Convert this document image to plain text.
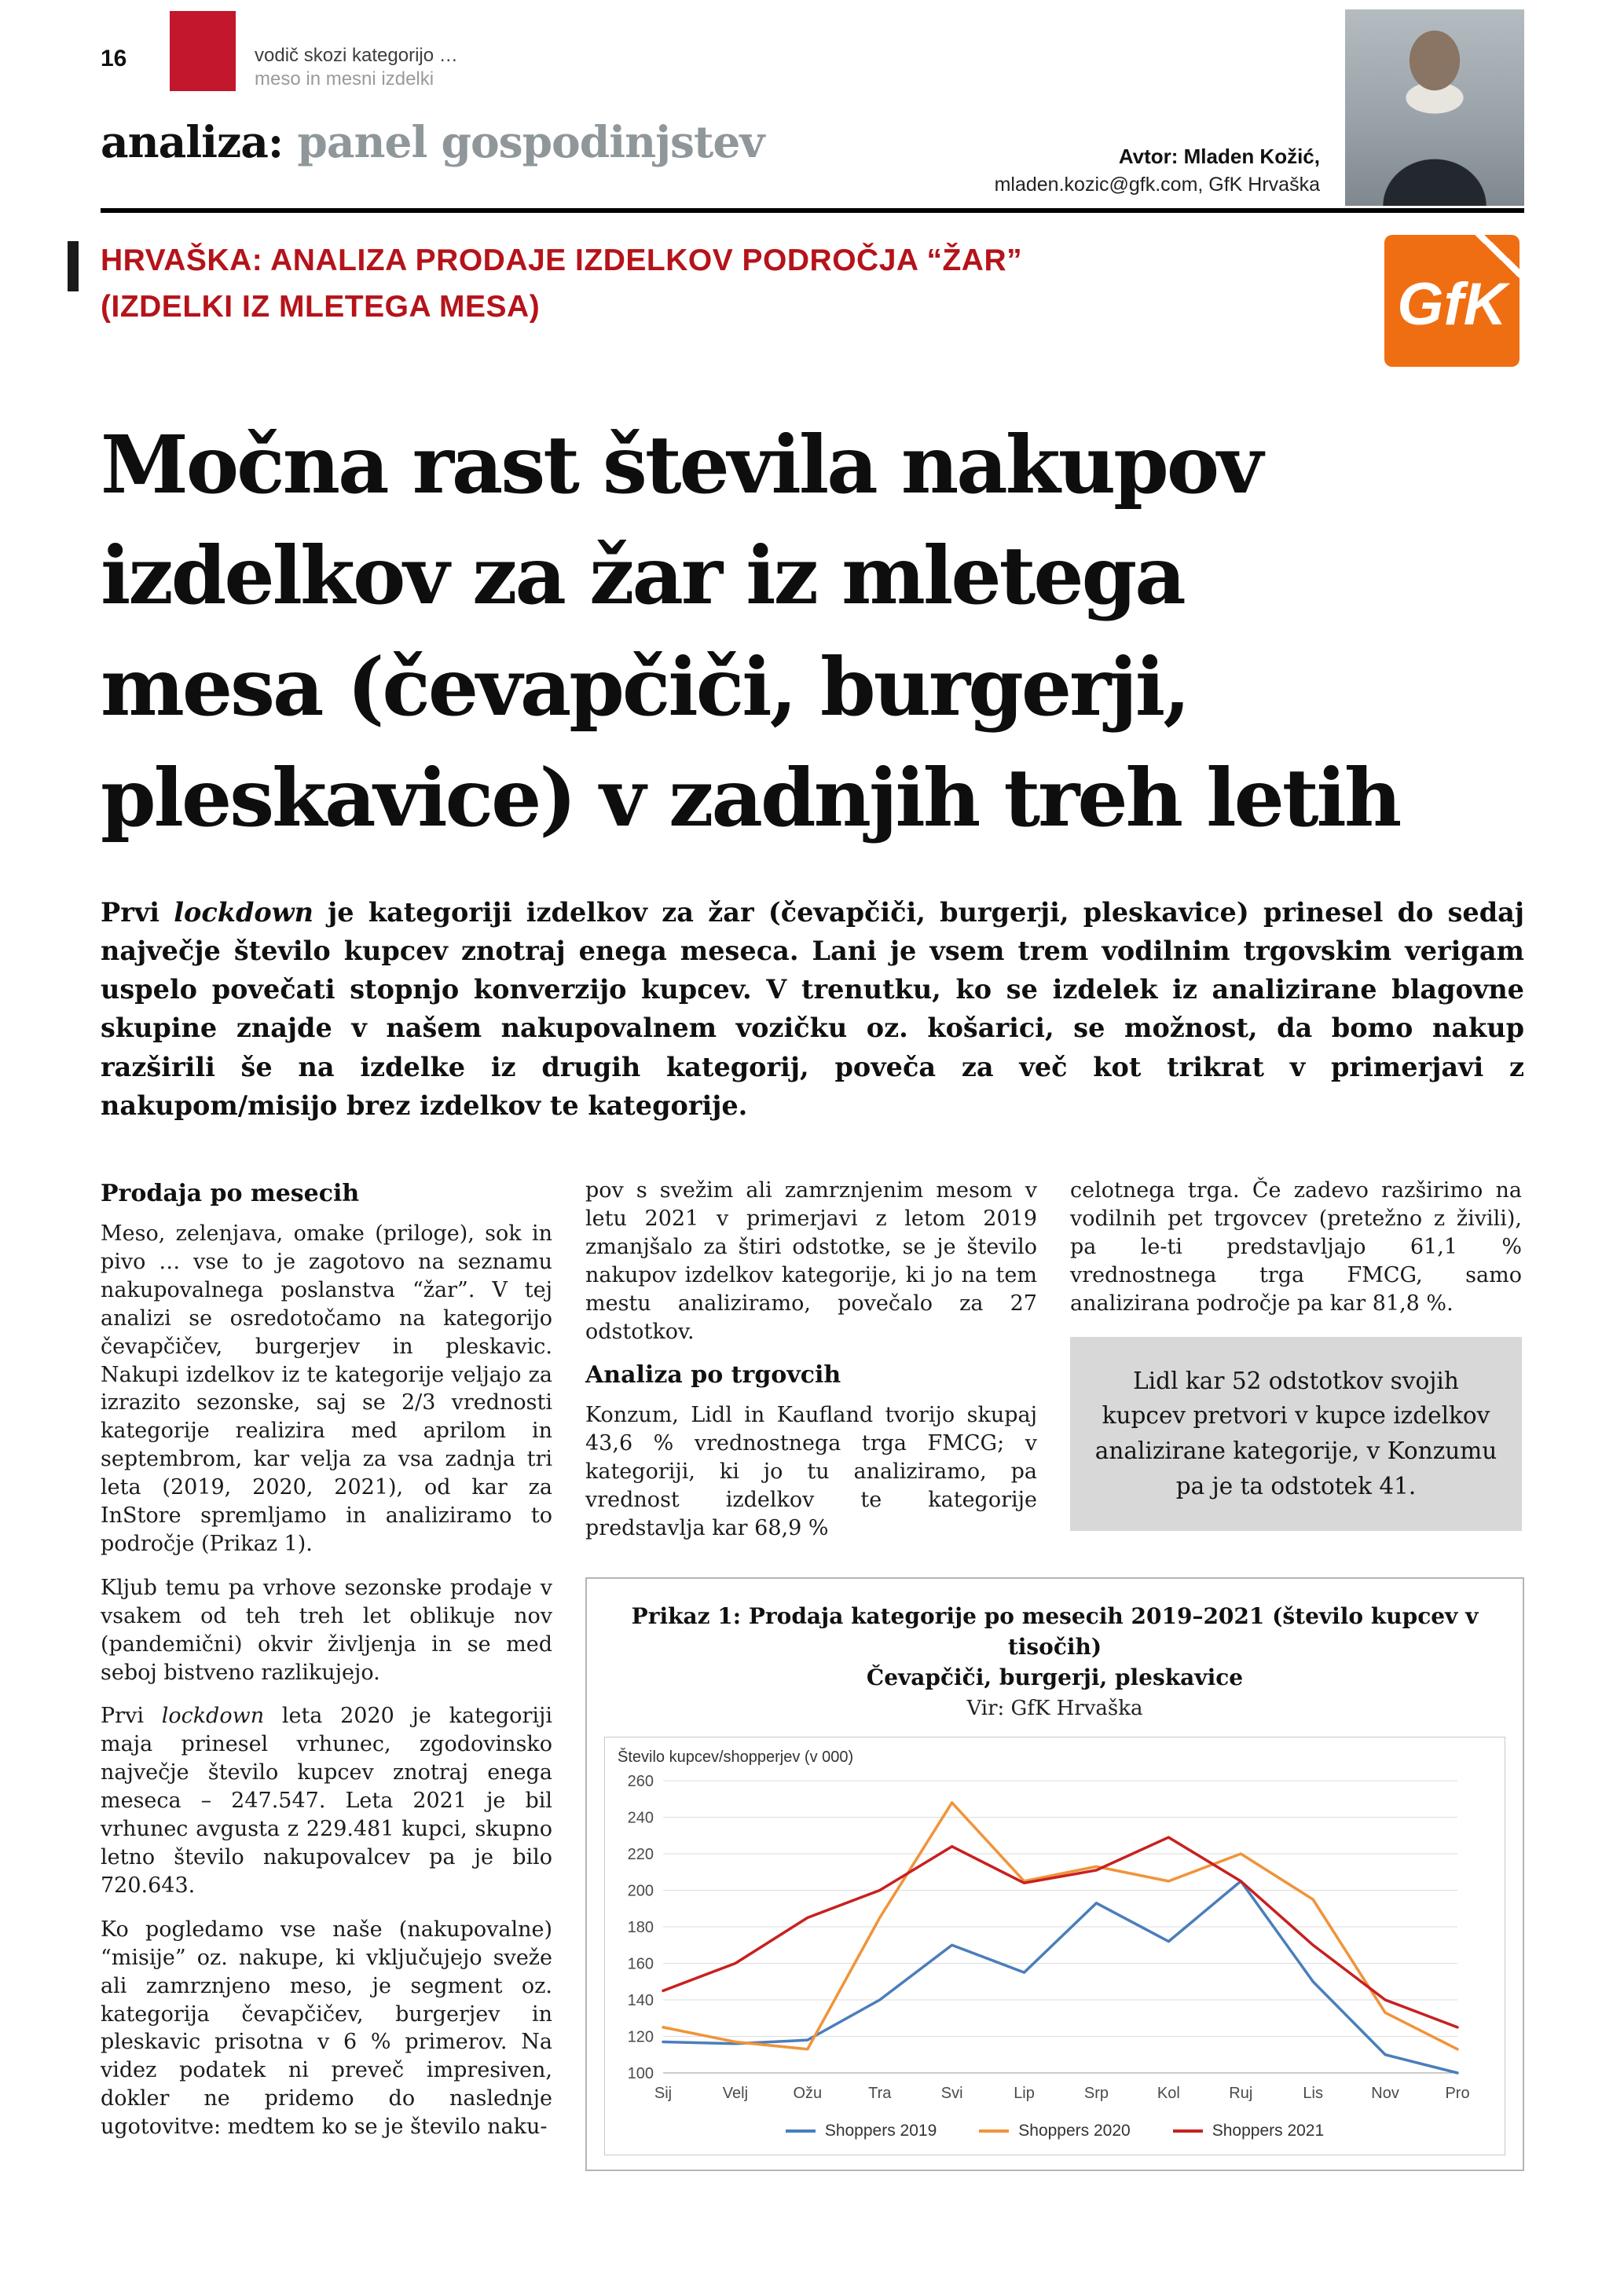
16	vodič skozi kategorijo …
meso in mesni izdelki
analiza: panel gospodinjstev	Avtor: Mladen Kožić,
mladen.kozic@gfk.com, GfK Hrvaška
HRVAŠKA: ANALIZA PRODAJE IZDELKOV PODROČJA “ŽAR”
(IZDELKI IZ MLETEGA MESA)	GfK
Močna rast števila nakupov
izdelkov za žar iz mletega
mesa (čevapčiči, burgerji,
pleskavice) v zadnjih treh letih

Prvi lockdown je kategoriji izdelkov za žar (čevapčiči, burgerji, pleskavice) prinesel do sedaj največje število kupcev znotraj enega meseca. Lani je vsem trem vodilnim trgovskim verigam uspelo povečati stopnjo konverzijo kupcev. V trenutku, ko se izdelek iz analizirane blagovne skupine znajde v našem nakupovalnem vozičku oz. košarici, se možnost, da bomo nakup razširili še na izdelke iz drugih kategorij, poveča za več kot trikrat v primerjavi z nakupom/misijo brez izdelkov te kategorije.

Prodaja po mesecih

Meso, zelenjava, omake (priloge), sok in pivo … vse to je zagotovo na seznamu nakupovalnega poslanstva “žar”. V tej analizi se osredotočamo na kategorijo čevapčičev, burgerjev in pleskavic. Nakupi izdelkov iz te kategorije veljajo za izrazito sezonske, saj se 2/3 vrednosti kategorije realizira med aprilom in septembrom, kar velja za vsa zadnja tri leta (2019, 2020, 2021), od kar za InStore spremljamo in analiziramo to področje (Prikaz 1).

Kljub temu pa vrhove sezonske prodaje v vsakem od teh treh let oblikuje nov (pandemični) okvir življenja in se med seboj bistveno razlikujejo.

Prvi lockdown leta 2020 je kategoriji maja prinesel vrhunec, zgodovinsko največje število kupcev znotraj enega meseca – 247.547. Leta 2021 je bil vrhunec avgusta z 229.481 kupci, skupno letno število nakupovalcev pa je bilo 720.643.

Ko pogledamo vse naše (nakupovalne) “misije” oz. nakupe, ki vključujejo sveže ali zamrznjeno meso, je segment oz. kategorija čevapčičev, burgerjev in pleskavic prisotna v 6 % primerov. Na videz podatek ni preveč impresiven, dokler ne pridemo do naslednje ugotovitve: medtem ko se je število naku-

pov s svežim ali zamrznjenim mesom v letu 2021 v primerjavi z letom 2019 zmanjšalo za štiri odstotke, se je število nakupov izdelkov kategorije, ki jo na tem mestu analiziramo, povečalo za 27 odstotkov.

Analiza po trgovcih

Konzum, Lidl in Kaufland tvorijo skupaj 43,6 % vrednostnega trga FMCG; v kategoriji, ki jo tu analiziramo, pa vrednost izdelkov te kategorije predstavlja kar 68,9 %

celotnega trga. Če zadevo razširimo na vodilnih pet trgovcev (pretežno z živili), pa le-ti predstavljajo 61,1 % vrednostnega trga FMCG, samo analizirana področje pa kar 81,8 %.

Lidl kar 52 odstotkov svojih kupcev pretvori v kupce izdelkov analizirane kategorije, v Konzumu pa je ta odstotek 41.
Prikaz 1: Prodaja kategorije po mesecih 2019–2021 (število kupcev v tisočih)
Čevapčiči, burgerji, pleskavice
Vir: GfK Hrvaška
Število kupcev/shopperjev (v 000)
100
120
140
160
180
200
220
240
260
Sij	Velj	Ožu	Tra	Svi	Lip	Srp	Kol	Ruj	Lis	Nov	Pro
Shoppers 2019	Shoppers 2020	Shoppers 2021
